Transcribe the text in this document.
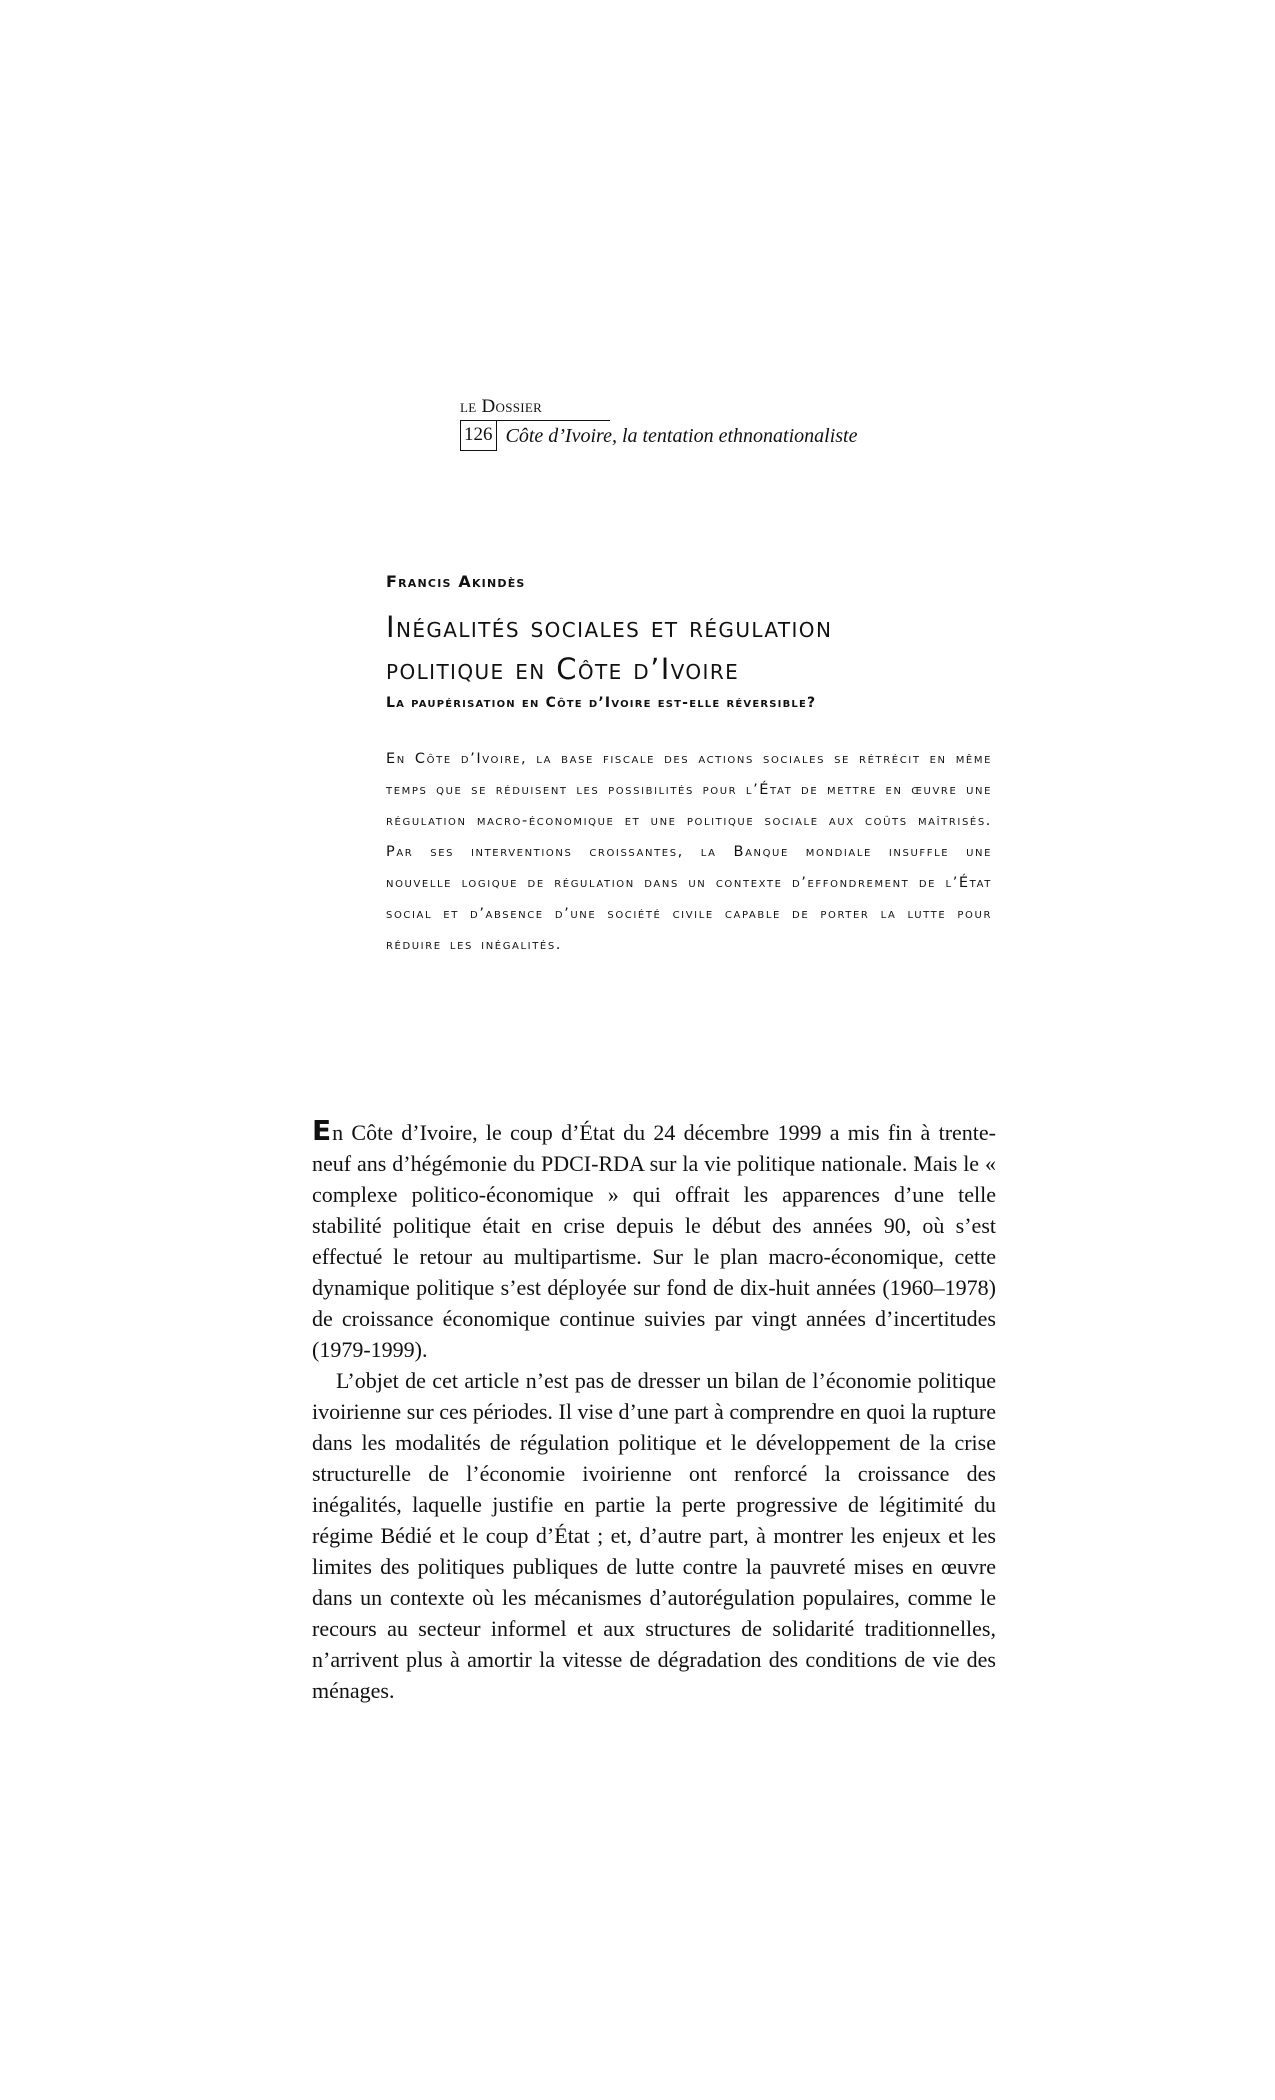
le Dossier
126 Côte d’Ivoire, la tentation ethnonationaliste
Francis Akindès
Inégalités sociales et régulation
politique en Côte d’Ivoire
La paupérisation en Côte d’Ivoire est-elle réversible?
En Côte d’Ivoire, la base fiscale des actions sociales se rétrécit en même temps que se réduisent les possibilités pour l’État de mettre en œuvre une régulation macro-économique et une politique sociale aux coûts maîtrisés. Par ses interventions croissantes, la Banque mondiale insuffle une nouvelle logique de régulation dans un contexte d’effondrement de l’État social et d’absence d’une société civile capable de porter la lutte pour réduire les inégalités.

En Côte d’Ivoire, le coup d’État du 24 décembre 1999 a mis fin à trente-neuf ans d’hégémonie du PDCI-RDA sur la vie politique nationale. Mais le « complexe politico-économique » qui offrait les apparences d’une telle stabilité politique était en crise depuis le début des années 90, où s’est effectué le retour au multipartisme. Sur le plan macro-économique, cette dynamique politique s’est déployée sur fond de dix-huit années (1960–1978) de croissance économique continue suivies par vingt années d’incertitudes (1979-1999).

L’objet de cet article n’est pas de dresser un bilan de l’économie politique ivoirienne sur ces périodes. Il vise d’une part à comprendre en quoi la rupture dans les modalités de régulation politique et le développement de la crise structurelle de l’économie ivoirienne ont renforcé la croissance des inégalités, laquelle justifie en partie la perte progressive de légitimité du régime Bédié et le coup d’État ; et, d’autre part, à montrer les enjeux et les limites des politiques publiques de lutte contre la pauvreté mises en œuvre dans un contexte où les mécanismes d’autorégulation populaires, comme le recours au secteur informel et aux structures de solidarité traditionnelles, n’arrivent plus à amortir la vitesse de dégradation des conditions de vie des ménages.
